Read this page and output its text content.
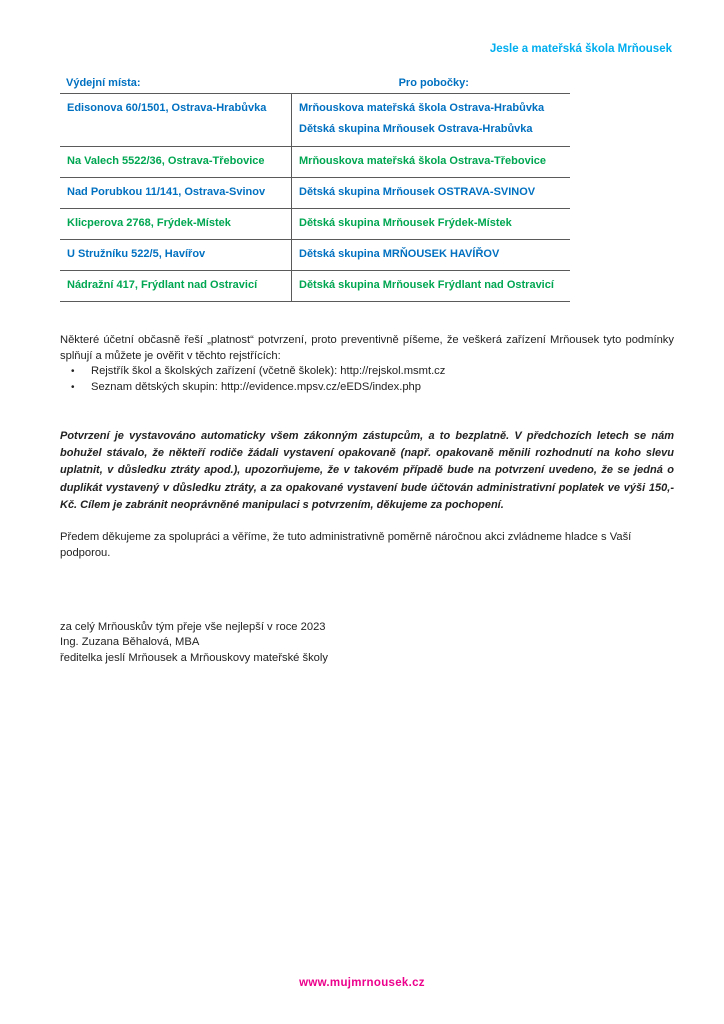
Jesle a mateřská škola Mrňousek
Výdejní místa:	Pro pobočky:

Edisonova 60/1501, Ostrava-Hrabůvka	Mrňouskova mateřská škola Ostrava-Hrabůvka
Dětská skupina Mrňousek Ostrava-Hrabůvka

Na Valech 5522/36, Ostrava-Třebovice	Mrňouskova mateřská škola Ostrava-Třebovice

Nad Porubkou 11/141, Ostrava-Svinov	Dětská skupina Mrňousek OSTRAVA-SVINOV

Klicperova 2768, Frýdek-Místek	Dětská skupina Mrňousek Frýdek-Místek

U Stružníku 522/5, Havířov	Dětská skupina MRŇOUSEK HAVÍŘOV

Nádražní 417, Frýdlant nad Ostravicí	Dětská skupina Mrňousek Frýdlant nad Ostravicí
Některé účetní občasně řeší „platnost“ potvrzení, proto preventivně píšeme, že veškerá zařízení Mrňousek tyto podmínky splňují a můžete je ověřit v těchto rejstřících:
• Rejstřík škol a školských zařízení (včetně školek): http://rejskol.msmt.cz
• Seznam dětských skupin: http://evidence.mpsv.cz/eEDS/index.php
Potvrzení je vystavováno automaticky všem zákonným zástupcům, a to bezplatně. V předchozích letech se nám bohužel stávalo, že někteří rodiče žádali vystavení opakovaně (např. opakovaně měnili rozhodnutí na koho slevu uplatnit, v důsledku ztráty apod.), upozorňujeme, že v takovém případě bude na potvrzení uvedeno, že se jedná o duplikát vystavený v důsledku ztráty, a za opakované vystavení bude účtován administrativní poplatek ve výši 150,- Kč. Cílem je zabránit neoprávněné manipulaci s potvrzením, děkujeme za pochopení.
Předem děkujeme za spolupráci a věříme, že tuto administrativně poměrně náročnou akci zvládneme hladce s Vaší podporou.
za celý Mrňouskův tým přeje vše nejlepší v roce 2023
Ing. Zuzana Běhalová, MBA
ředitelka jeslí Mrňousek a Mrňouskovy mateřské školy
www.mujmrnousek.cz
